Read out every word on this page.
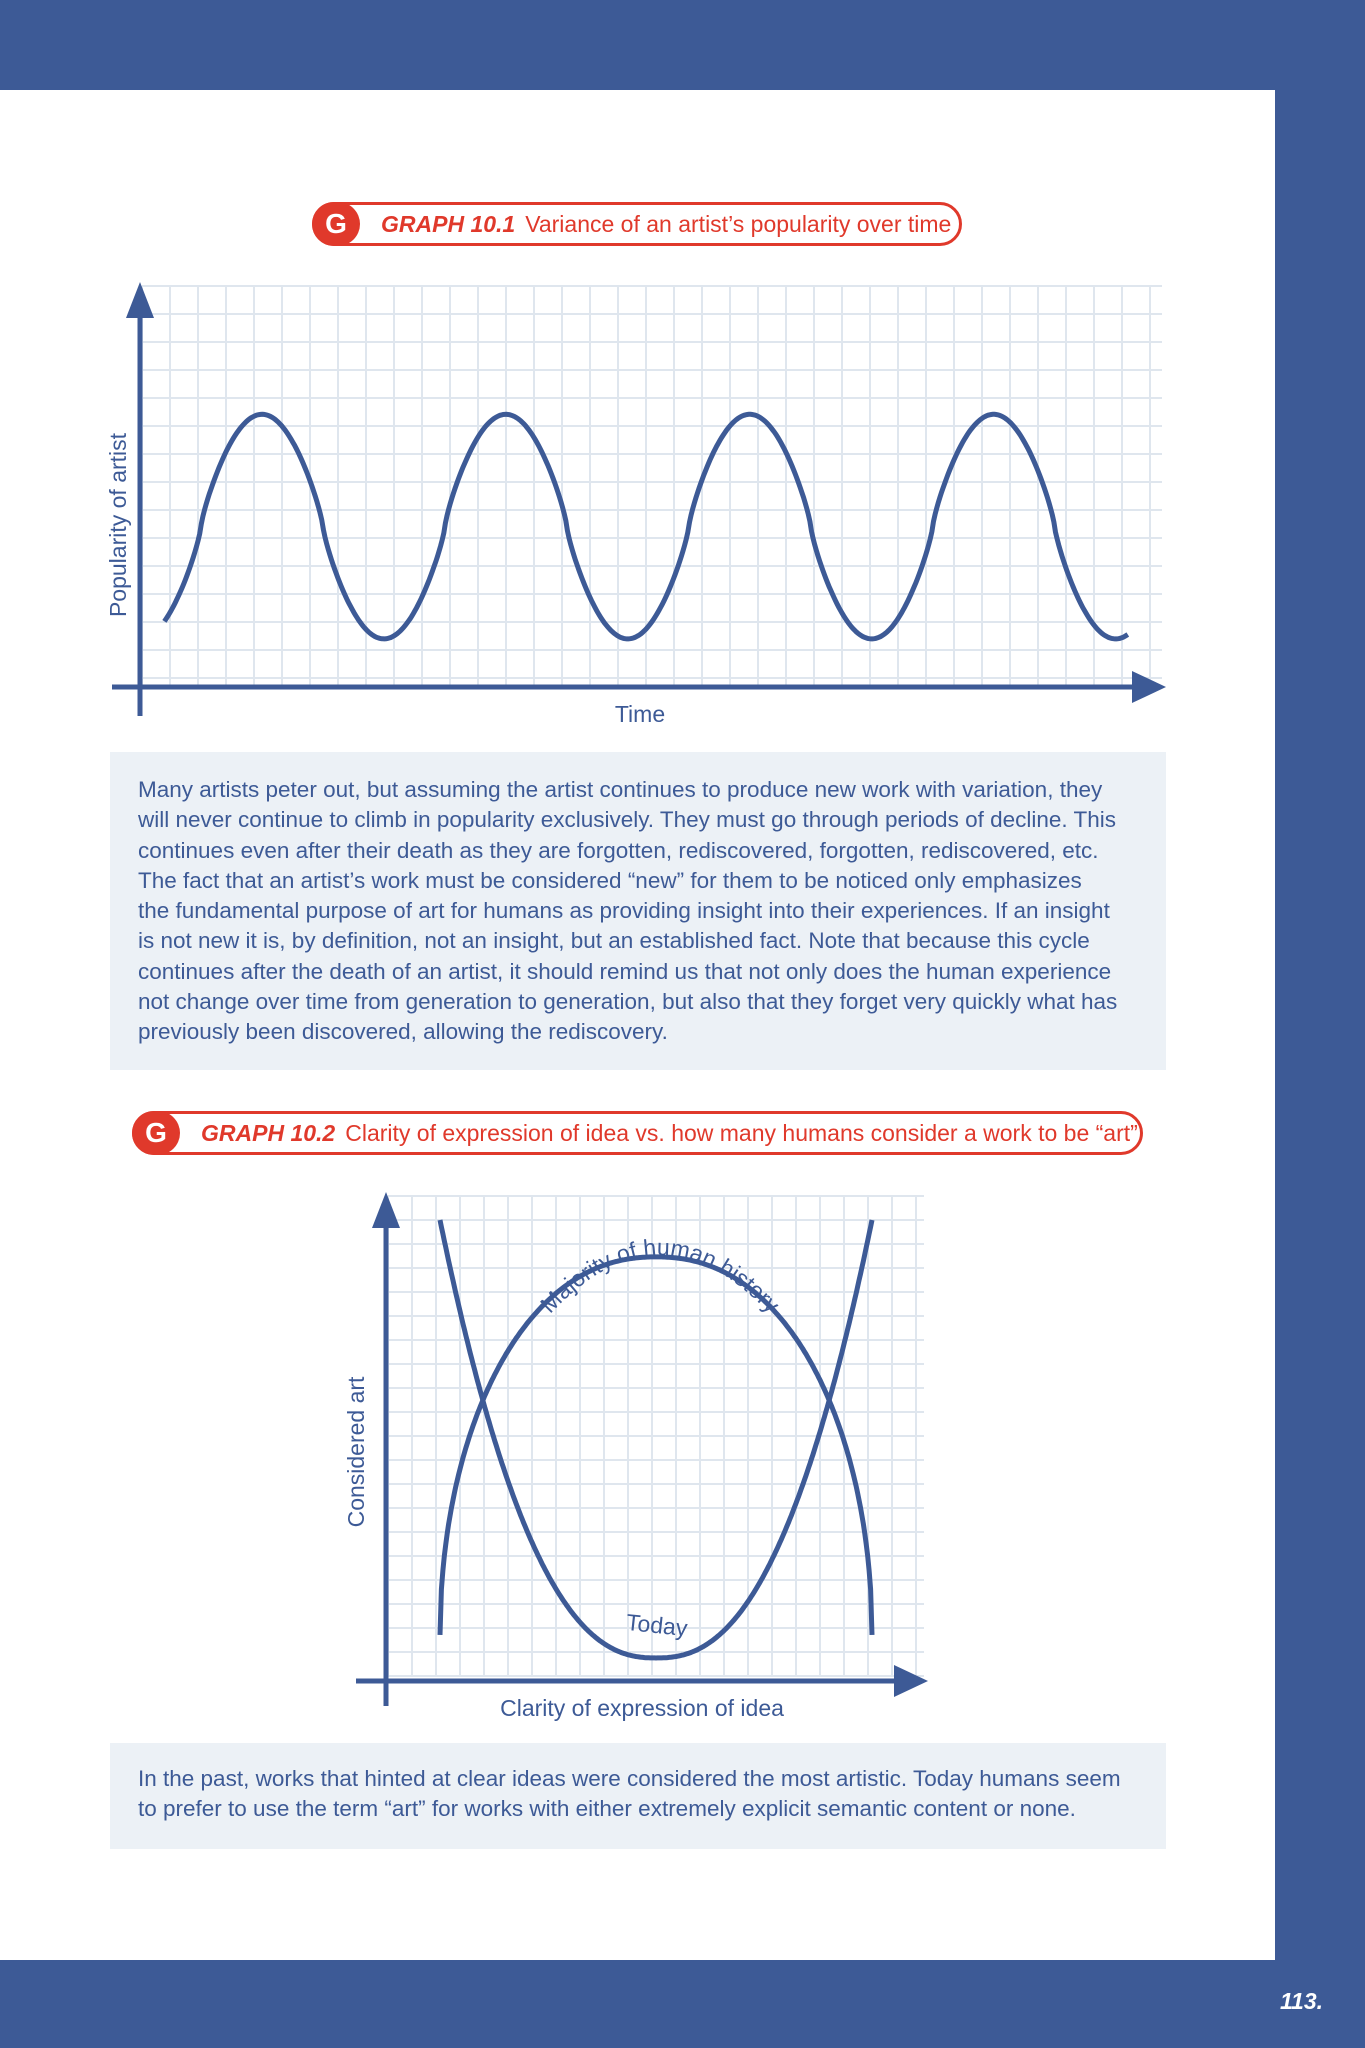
G	GRAPH 10.1 Variance of an artist’s popularity over time
Time
Popularity of artist

Many artists peter out, but assuming the artist continues to produce new work with variation, they

will never continue to climb in popularity exclusively. They must go through periods of decline. This

continues even after their death as they are forgotten, rediscovered, forgotten, rediscovered, etc.

The fact that an artist’s work must be considered “new” for them to be noticed only emphasizes

the fundamental purpose of art for humans as providing insight into their experiences. If an insight

is not new it is, by definition, not an insight, but an established fact. Note that because this cycle

continues after the death of an artist, it should remind us that not only does the human experience

not change over time from generation to generation, but also that they forget very quickly what has

previously been discovered, allowing the rediscovery.

G	GRAPH 10.2 Clarity of expression of idea vs. how many humans consider a work to be “art”
Majority of human history
Today
Clarity of expression of idea
Considered art

In the past, works that hinted at clear ideas were considered the most artistic. Today humans seem

to prefer to use the term “art” for works with either extremely explicit semantic content or none.

113.
